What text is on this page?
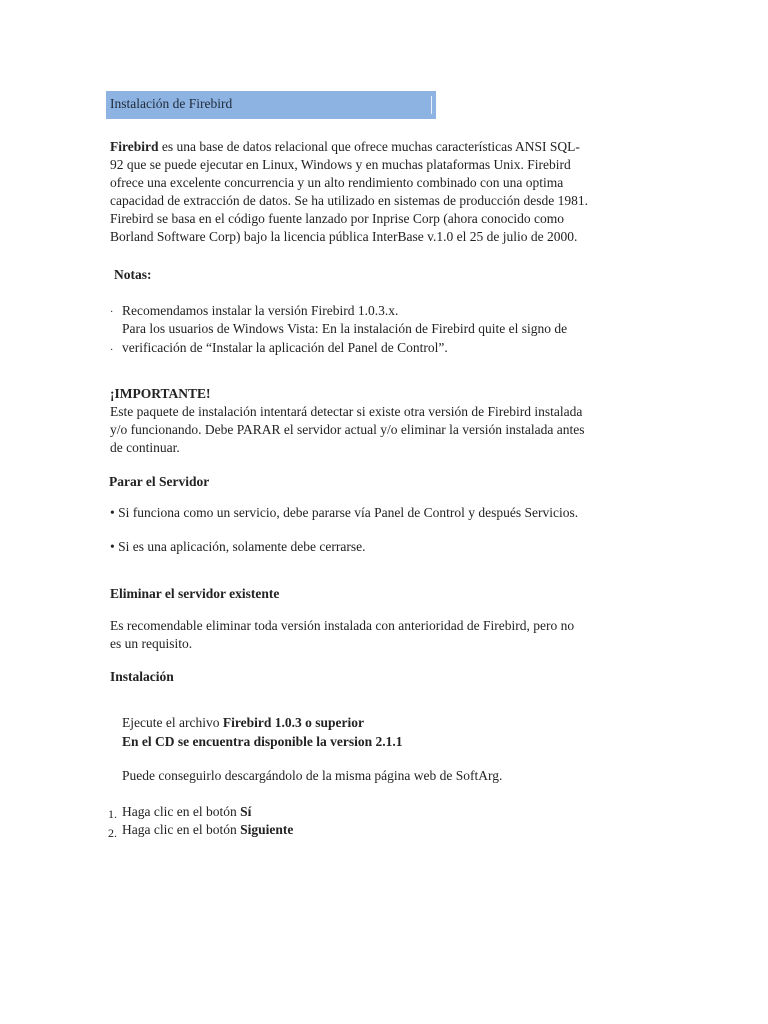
Instalación de Firebird
Firebird es una base de datos relacional que ofrece muchas características ANSI SQL-
92 que se puede ejecutar en Linux, Windows y en muchas plataformas Unix. Firebird
ofrece una excelente concurrencia y un alto rendimiento combinado con una optima
capacidad de extracción de datos. Se ha utilizado en sistemas de producción desde 1981.
Firebird se basa en el código fuente lanzado por Inprise Corp (ahora conocido como
Borland Software Corp) bajo la licencia pública InterBase v.1.0 el 25 de julio de 2000.
Notas:
· Recomendamos instalar la versión Firebird 1.0.3.x.
Para los usuarios de Windows Vista: En la instalación de Firebird quite el signo de
· verificación de “Instalar la aplicación del Panel de Control”.
¡IMPORTANTE!
Este paquete de instalación intentará detectar si existe otra versión de Firebird instalada
y/o funcionando. Debe PARAR el servidor actual y/o eliminar la versión instalada antes
de continuar.
Parar el Servidor
• Si funciona como un servicio, debe pararse vía Panel de Control y después Servicios.
• Si es una aplicación, solamente debe cerrarse.
Eliminar el servidor existente
Es recomendable eliminar toda versión instalada con anterioridad de Firebird, pero no
es un requisito.
Instalación
Ejecute el archivo Firebird 1.0.3 o superior
En el CD se encuentra disponible la version 2.1.1
Puede conseguirlo descargándolo de la misma página web de SoftArg.
1. Haga clic en el botón Sí
2. Haga clic en el botón Siguiente
